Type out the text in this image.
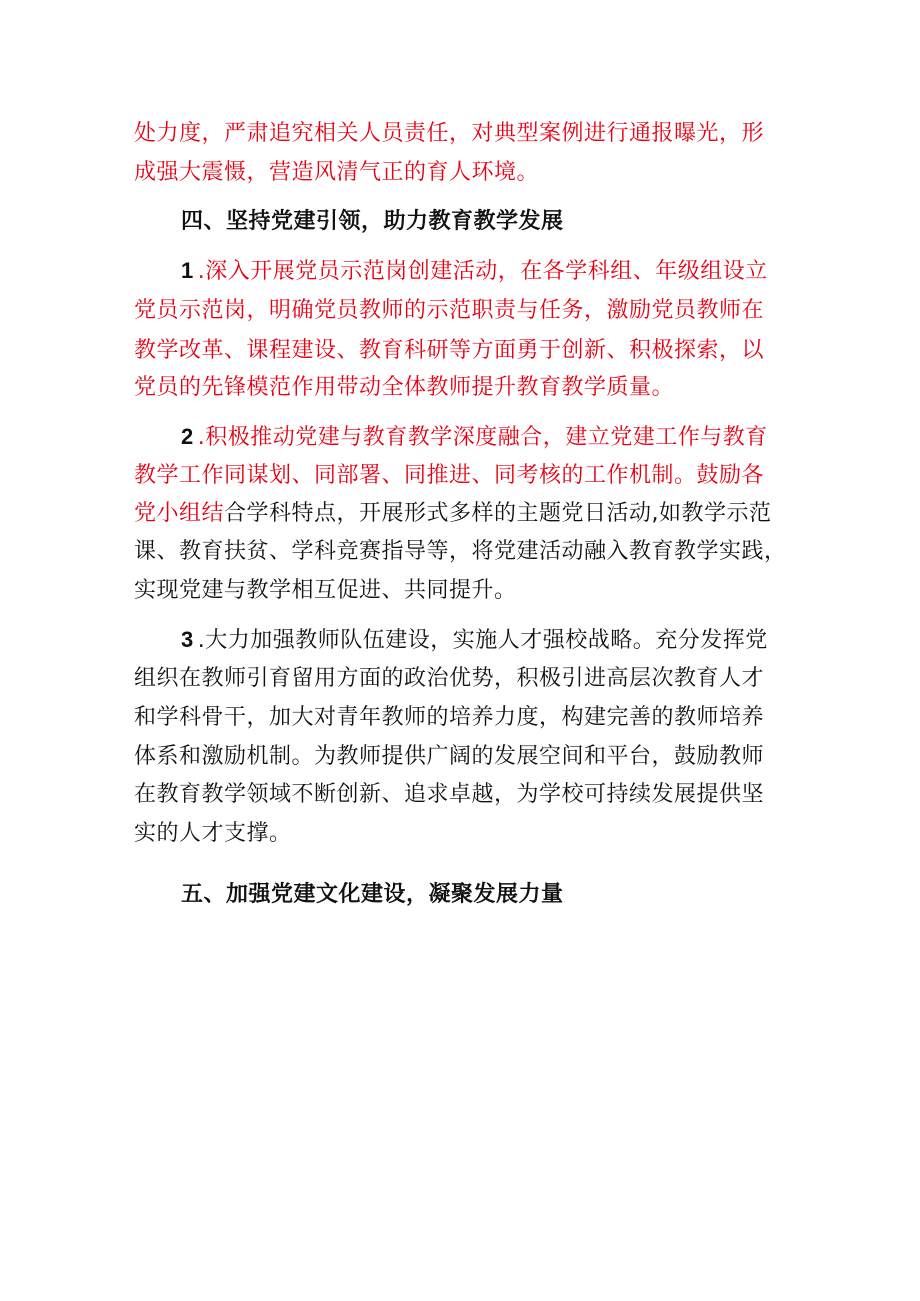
处力度，严肃追究相关人员责任，对典型案例进行通报曝光，形
成强大震慑，营造风清气正的育人环境。
四、坚持党建引领，助力教育教学发展
1 .深入开展党员示范岗创建活动，在各学科组、年级组设立
党员示范岗，明确党员教师的示范职责与任务，激励党员教师在
教学改革、课程建设、教育科研等方面勇于创新、积极探索，以
党员的先锋模范作用带动全体教师提升教育教学质量。
2 .积极推动党建与教育教学深度融合，建立党建工作与教育
教学工作同谋划、同部署、同推进、同考核的工作机制。鼓励各
党小组结合学科特点，开展形式多样的主题党日活动,如教学示范
课、教育扶贫、学科竞赛指导等，将党建活动融入教育教学实践，
实现党建与教学相互促进、共同提升。
3 .大力加强教师队伍建设，实施人才强校战略。充分发挥党
组织在教师引育留用方面的政治优势，积极引进高层次教育人才
和学科骨干，加大对青年教师的培养力度，构建完善的教师培养
体系和激励机制。为教师提供广阔的发展空间和平台，鼓励教师
在教育教学领域不断创新、追求卓越，为学校可持续发展提供坚
实的人才支撑。
五、加强党建文化建设，凝聚发展力量
